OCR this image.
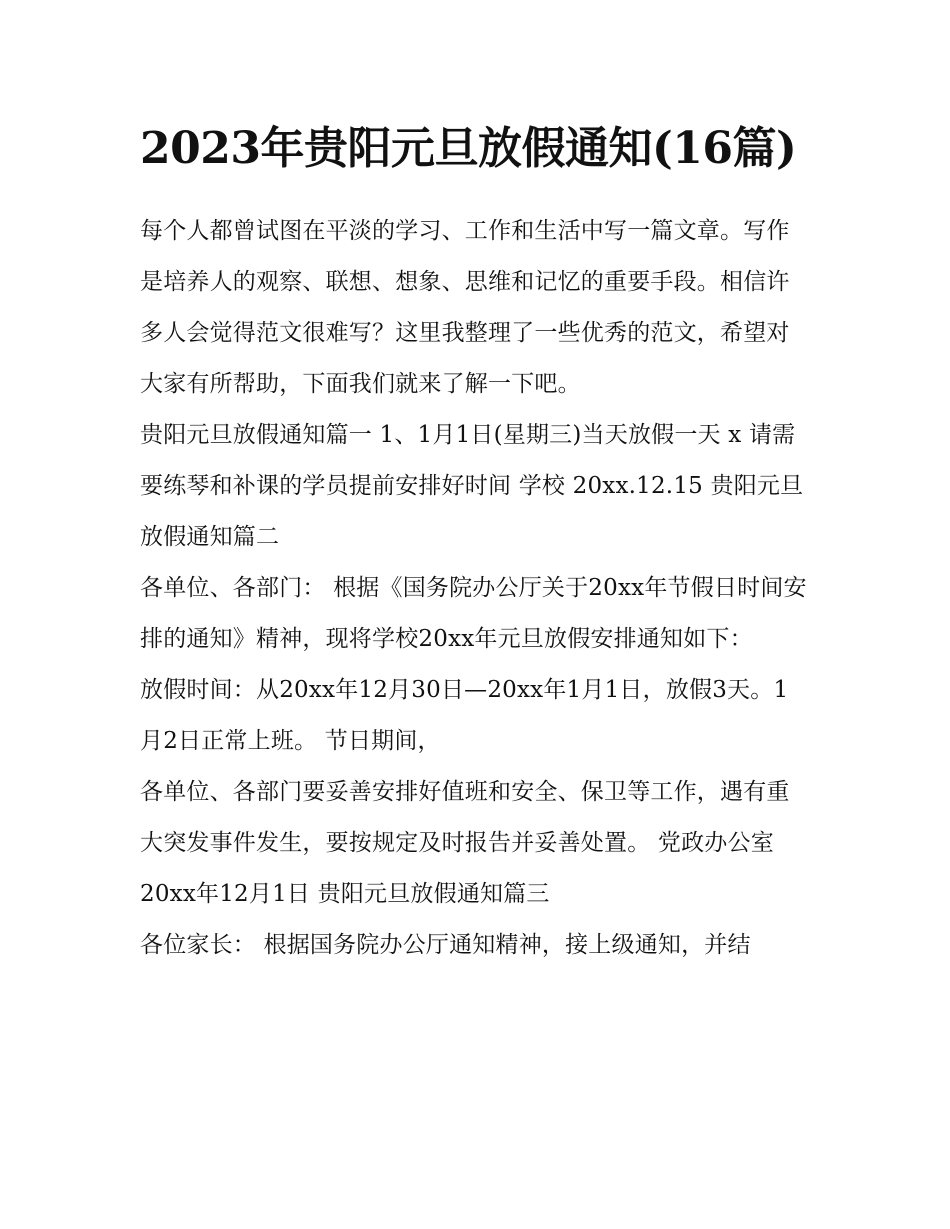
2023年贵阳元旦放假通知(16篇)

每个人都曾试图在平淡的学习、工作和生活中写一篇文章。写作是培养人的观察、联想、想象、思维和记忆的重要手段。相信许多人会觉得范文很难写？这里我整理了一些优秀的范文，希望对大家有所帮助，下面我们就来了解一下吧。

贵阳元旦放假通知篇一 1、1月1日(星期三)当天放假一天 x 请需要练琴和补课的学员提前安排好时间 学校 20xx.12.15 贵阳元旦放假通知篇二

各单位、各部门： 根据《国务院办公厅关于20xx年节假日时间安排的通知》精神，现将学校20xx年元旦放假安排通知如下：

放假时间：从20xx年12月30日—20xx年1月1日，放假3天。1月2日正常上班。 节日期间，

各单位、各部门要妥善安排好值班和安全、保卫等工作，遇有重大突发事件发生，要按规定及时报告并妥善处置。 党政办公室 20xx年12月1日 贵阳元旦放假通知篇三

各位家长： 根据国务院办公厅通知精神，接上级通知，并结
